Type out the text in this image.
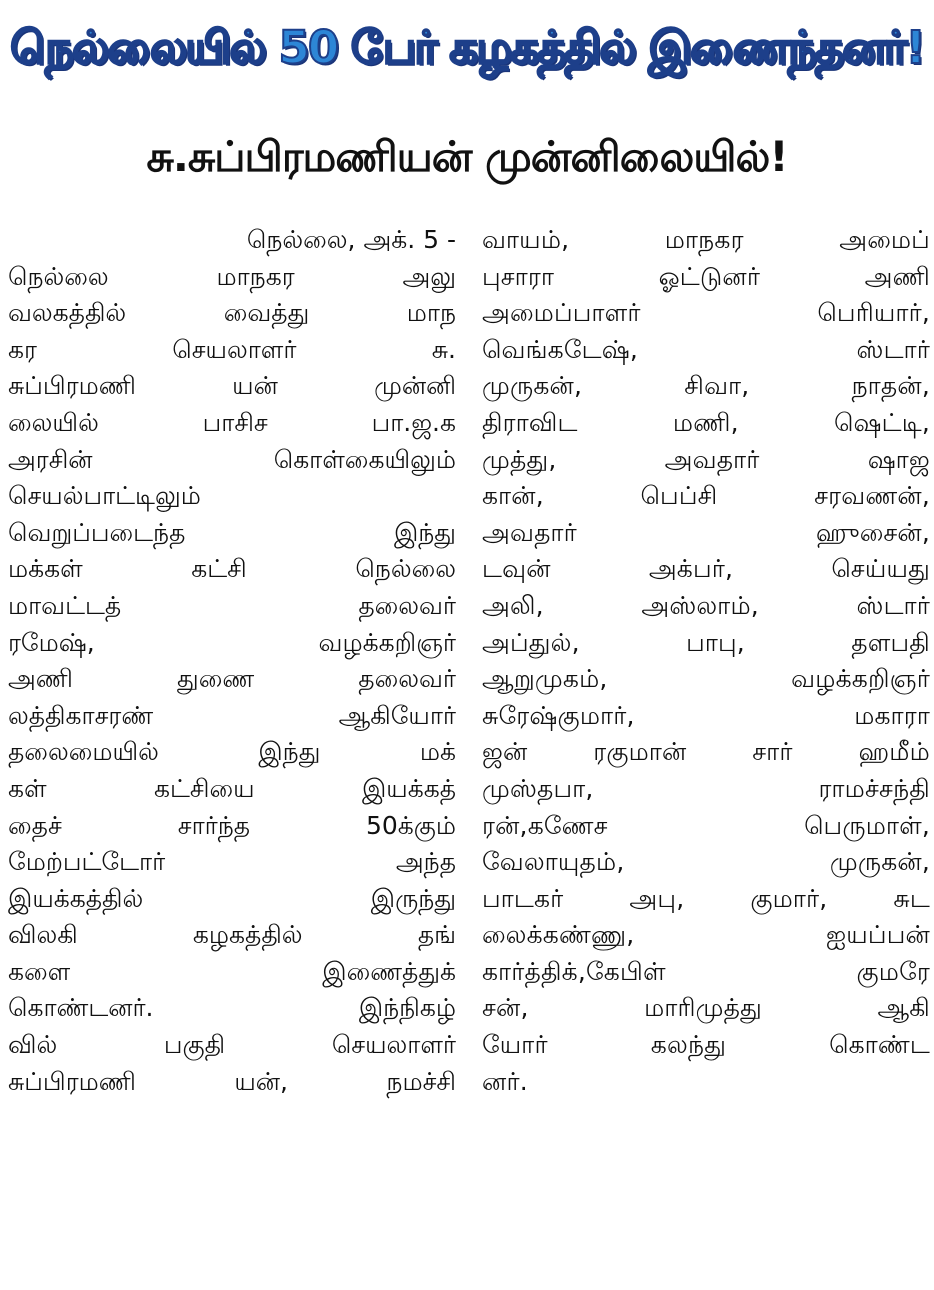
நெல்லையில் 50 பேர் கழகத்தில் இணைந்தனர்!
சு.சுப்பிரமணியன் முன்னிலையில்!
நெல்லை, அக். 5 -
நெல்லை மாநகர அலு
வலகத்தில் வைத்து மாந
கர செயலாளர் சு.
சுப்பிரமணி யன் முன்னி
லையில் பாசிச பா.ஜ.க
அரசின் கொள்கையிலும்
செயல்பாட்டிலும்
வெறுப்படைந்த இந்து
மக்கள் கட்சி நெல்லை
மாவட்டத் தலைவர்
ரமேஷ், வழக்கறிஞர்
அணி துணை தலைவர்
லத்திகாசரண் ஆகியோர்
தலைமையில் இந்து மக்
கள் கட்சியை இயக்கத்
தைச் சார்ந்த 50க்கும்
மேற்பட்டோர் அந்த
இயக்கத்தில் இருந்து
விலகி கழகத்தில் தங்
களை இணைத்துக்
கொண்டனர். இந்நிகழ்
வில் பகுதி செயலாளர்
சுப்பிரமணி யன், நமச்சி
வாயம், மாநகர அமைப்
புசாரா ஓட்டுனர் அணி
அமைப்பாளர் பெரியார்,
வெங்கடேஷ், ஸ்டார்
முருகன், சிவா, நாதன்,
திராவிட மணி, ஷெட்டி,
முத்து, அவதார் ஷாஜ
கான், பெப்சி சரவணன்,
அவதார் ஹுசைன்,
டவுன் அக்பர், செய்யது
அலி, அஸ்லாம், ஸ்டார்
அப்துல், பாபு, தளபதி
ஆறுமுகம், வழக்கறிஞர்
சுரேஷ்குமார், மகாரா
ஜன் ரகுமான் சார் ஹமீம்
முஸ்தபா, ராமச்சந்தி
ரன்,கணேச பெருமாள்,
வேலாயுதம், முருகன்,
பாடகர் அபு, குமார், சுட
லைக்கண்ணு, ஐயப்பன்
கார்த்திக்,கேபிள் குமரே
சன், மாரிமுத்து ஆகி
யோர் கலந்து கொண்ட
னர்.
